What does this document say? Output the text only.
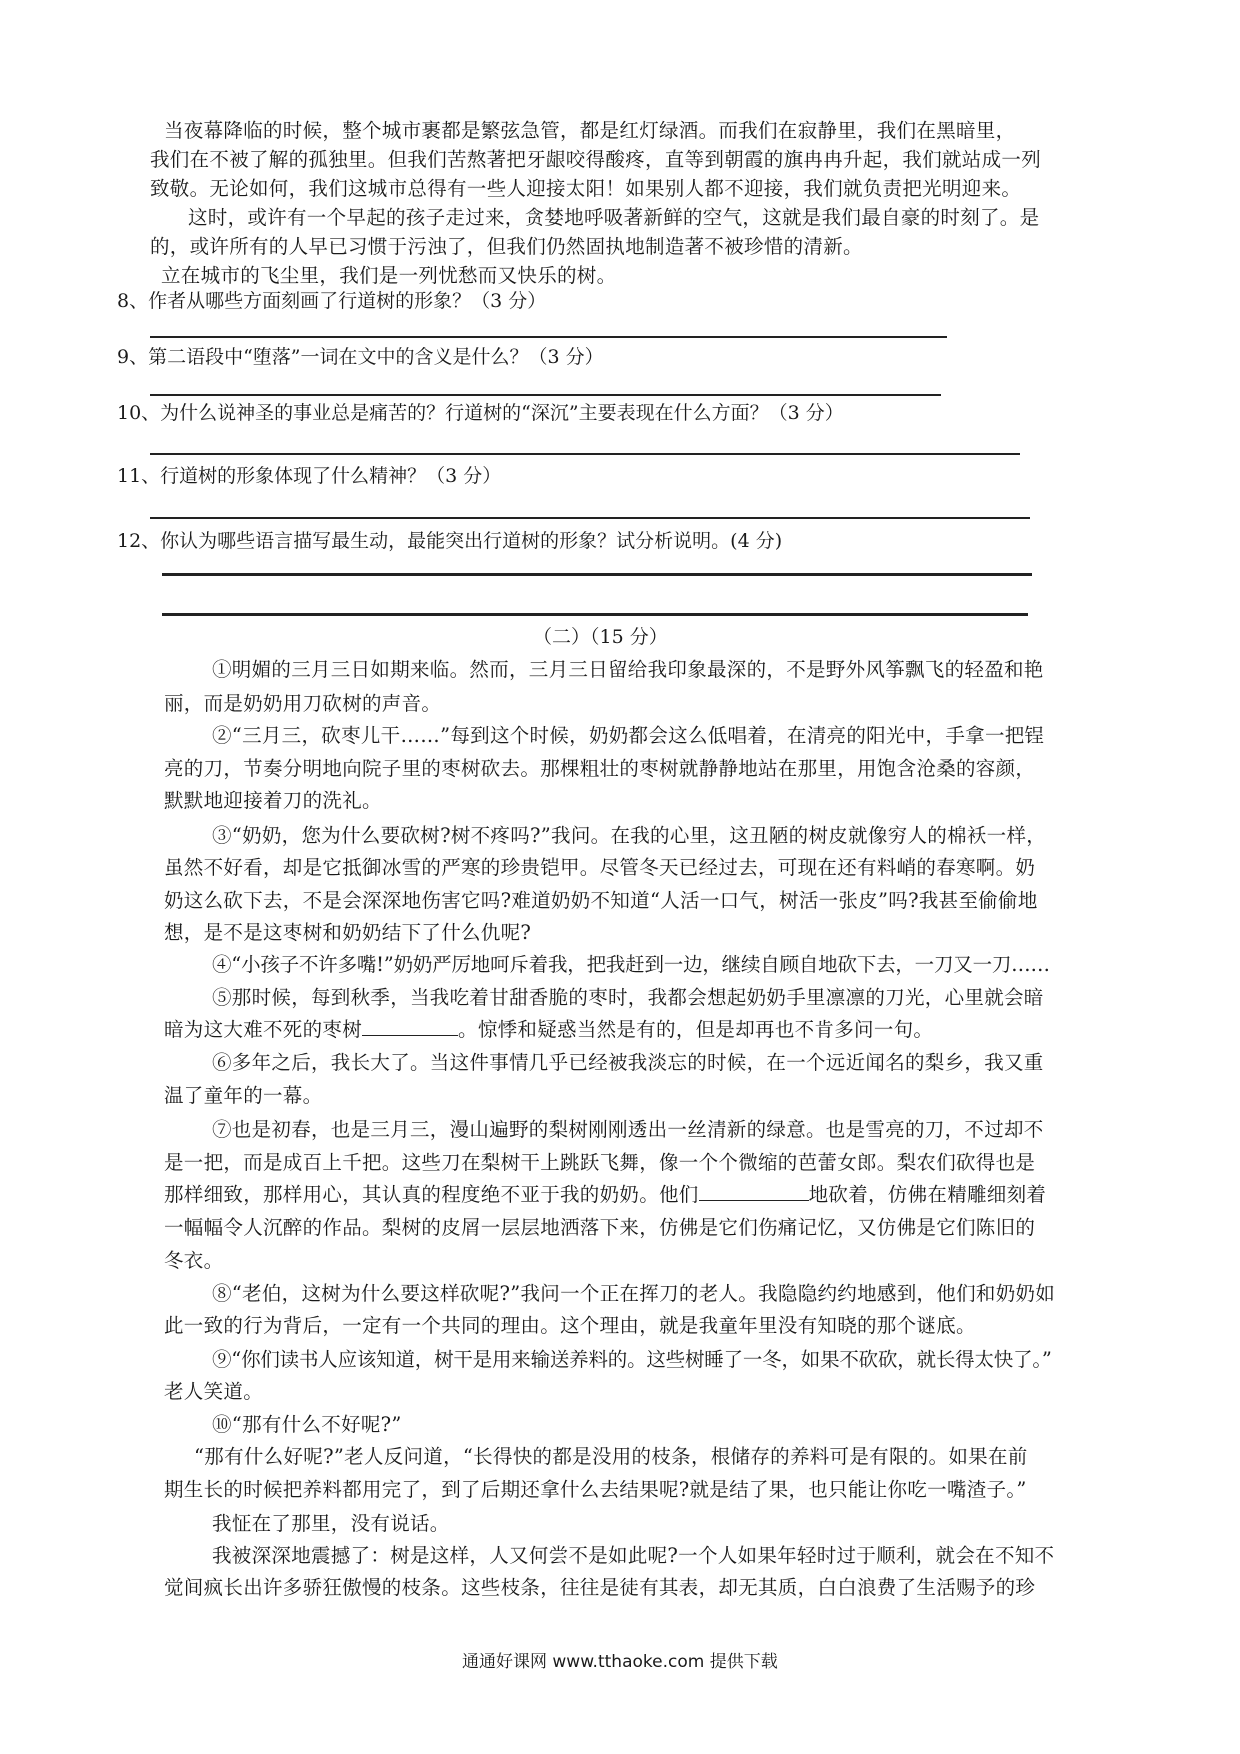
当夜幕降临的时候，整个城市裹都是繁弦急管，都是红灯绿酒。而我们在寂静里，我们在黑暗里，
我们在不被了解的孤独里。但我们苦熬著把牙龈咬得酸疼，直等到朝霞的旗冉冉升起，我们就站成一列
致敬。无论如何，我们这城市总得有一些人迎接太阳！如果别人都不迎接，我们就负责把光明迎来。
这时，或许有一个早起的孩子走过来，贪婪地呼吸著新鲜的空气，这就是我们最自豪的时刻了。是
的，或许所有的人早已习惯于污浊了，但我们仍然固执地制造著不被珍惜的清新。
立在城市的飞尘里，我们是一列忧愁而又快乐的树。
8、作者从哪些方面刻画了行道树的形象？（3 分）
9、第二语段中“堕落”一词在文中的含义是什么？（3 分）
10、为什么说神圣的事业总是痛苦的？行道树的“深沉”主要表现在什么方面？（3 分）
11、行道树的形象体现了什么精神？（3 分）
12、你认为哪些语言描写最生动，最能突出行道树的形象？试分析说明。(4 分)
（二）（15 分）
①明媚的三月三日如期来临。然而，三月三日留给我印象最深的，不是野外风筝飘飞的轻盈和艳
丽，而是奶奶用刀砍树的声音。
②“三月三，砍枣儿干……”每到这个时候，奶奶都会这么低唱着，在清亮的阳光中，手拿一把锃
亮的刀，节奏分明地向院子里的枣树砍去。那棵粗壮的枣树就静静地站在那里，用饱含沧桑的容颜，
默默地迎接着刀的洗礼。
③“奶奶，您为什么要砍树?树不疼吗?”我问。在我的心里，这丑陋的树皮就像穷人的棉袄一样，
虽然不好看，却是它抵御冰雪的严寒的珍贵铠甲。尽管冬天已经过去，可现在还有料峭的春寒啊。奶
奶这么砍下去，不是会深深地伤害它吗?难道奶奶不知道“人活一口气，树活一张皮”吗?我甚至偷偷地
想，是不是这枣树和奶奶结下了什么仇呢?
④“小孩子不许多嘴!”奶奶严厉地呵斥着我，把我赶到一边，继续自顾自地砍下去，一刀又一刀……
⑤那时候，每到秋季，当我吃着甘甜香脆的枣时，我都会想起奶奶手里凛凛的刀光，心里就会暗
暗为这大难不死的枣树	。惊悸和疑惑当然是有的，但是却再也不肯多问一句。
⑥多年之后，我长大了。当这件事情几乎已经被我淡忘的时候，在一个远近闻名的梨乡，我又重
温了童年的一幕。
⑦也是初春，也是三月三，漫山遍野的梨树刚刚透出一丝清新的绿意。也是雪亮的刀，不过却不
是一把，而是成百上千把。这些刀在梨树干上跳跃飞舞，像一个个微缩的芭蕾女郎。梨农们砍得也是
那样细致，那样用心，其认真的程度绝不亚于我的奶奶。他们	地砍着，仿佛在精雕细刻着
一幅幅令人沉醉的作品。梨树的皮屑一层层地洒落下来，仿佛是它们伤痛记忆，又仿佛是它们陈旧的
冬衣。
⑧“老伯，这树为什么要这样砍呢?”我问一个正在挥刀的老人。我隐隐约约地感到，他们和奶奶如
此一致的行为背后，一定有一个共同的理由。这个理由，就是我童年里没有知晓的那个谜底。
⑨“你们读书人应该知道，树干是用来输送养料的。这些树睡了一冬，如果不砍砍，就长得太快了。”
老人笑道。
⑩“那有什么不好呢?”
“那有什么好呢?”老人反问道，“长得快的都是没用的枝条，根储存的养料可是有限的。如果在前
期生长的时候把养料都用完了，到了后期还拿什么去结果呢?就是结了果，也只能让你吃一嘴渣子。”
我怔在了那里，没有说话。
我被深深地震撼了：树是这样，人又何尝不是如此呢?一个人如果年轻时过于顺利，就会在不知不
觉间疯长出许多骄狂傲慢的枝条。这些枝条，往往是徒有其表，却无其质，白白浪费了生活赐予的珍
通通好课网 www.tthaoke.com 提供下载
